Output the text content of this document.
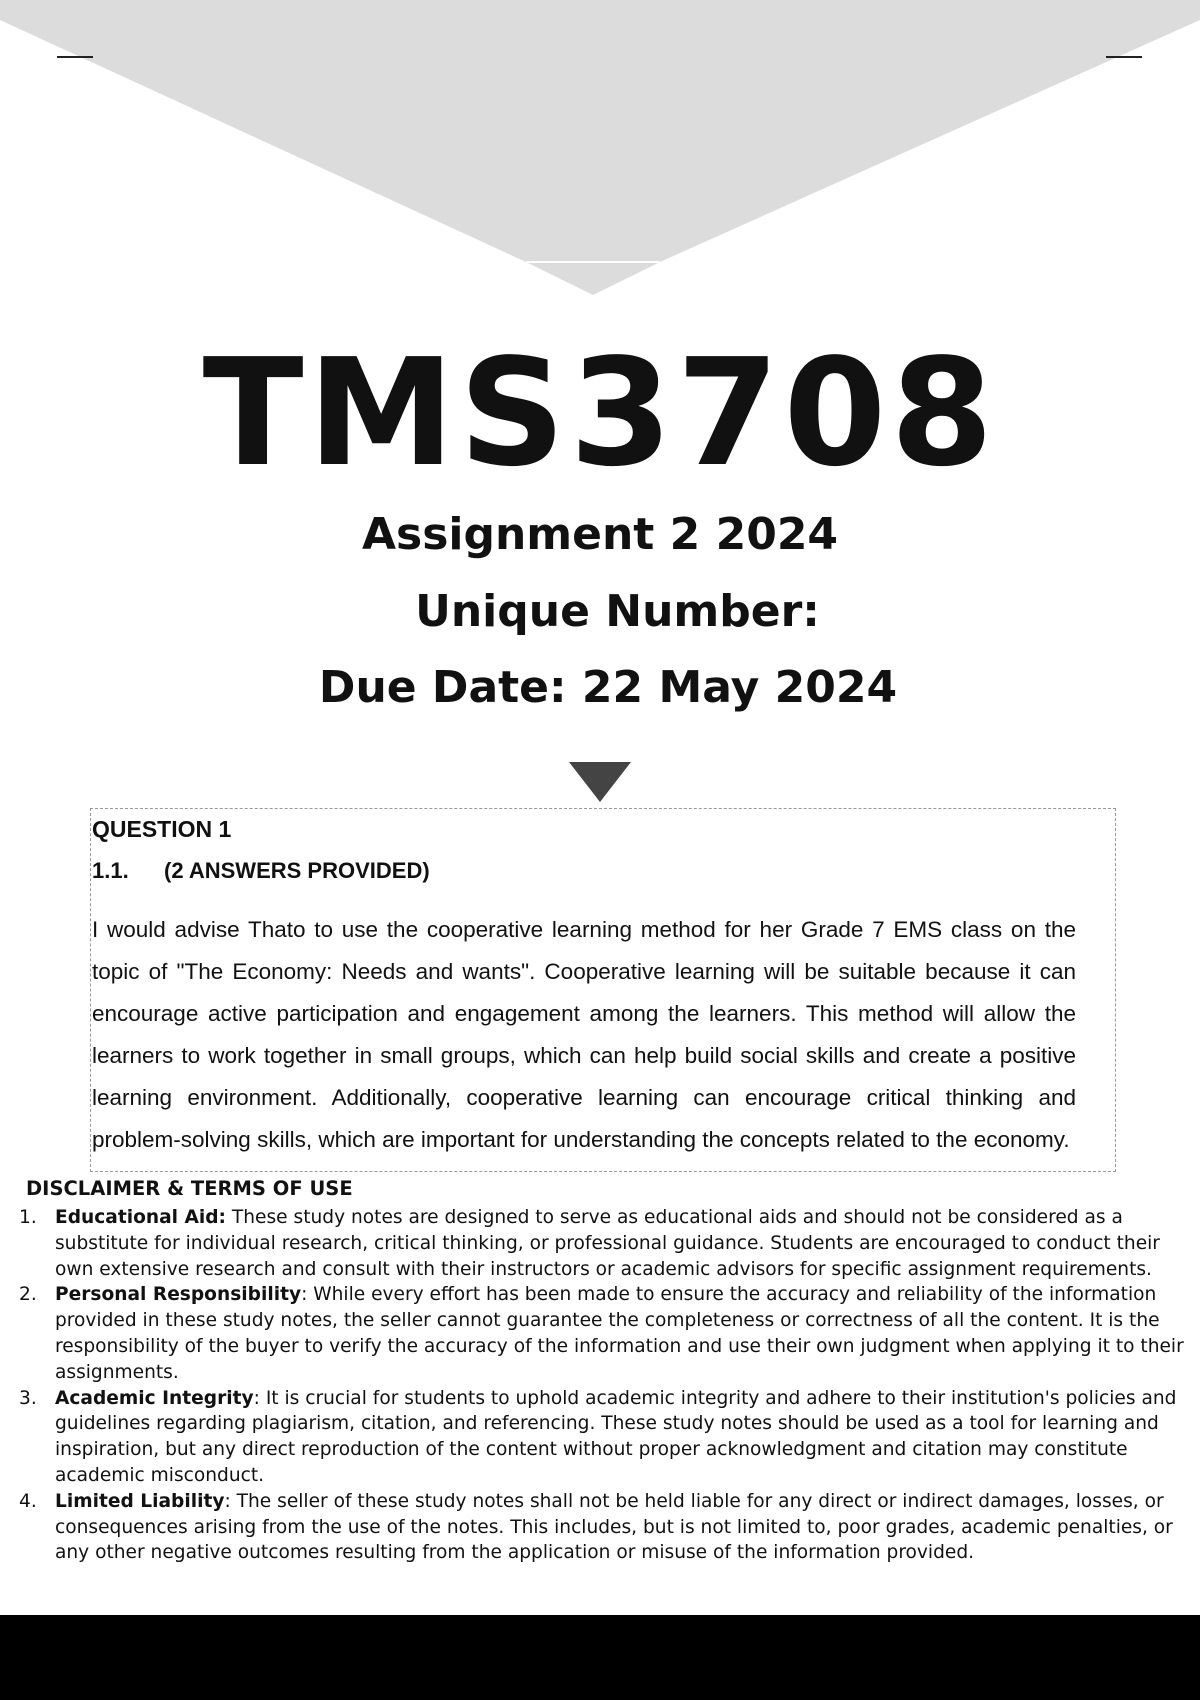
TMS3708
Assignment 2 2024
Unique Number:
Due Date: 22 May 2024
QUESTION 1
1.1. (2 ANSWERS PROVIDED)

I would advise Thato to use the cooperative learning method for her Grade 7 EMS class on the topic of "The Economy: Needs and wants". Cooperative learning will be suitable because it can encourage active participation and engagement among the learners. This method will allow the learners to work together in small groups, which can help build social skills and create a positive learning environment. Additionally, cooperative learning can encourage critical thinking and problem-solving skills, which are important for understanding the concepts related to the economy.

DISCLAIMER & TERMS OF USE
1. Educational Aid: These study notes are designed to serve as educational aids and should not be considered as a substitute for individual research, critical thinking, or professional guidance. Students are encouraged to conduct their own extensive research and consult with their instructors or academic advisors for specific assignment requirements.
2. Personal Responsibility: While every effort has been made to ensure the accuracy and reliability of the information provided in these study notes, the seller cannot guarantee the completeness or correctness of all the content. It is the responsibility of the buyer to verify the accuracy of the information and use their own judgment when applying it to their assignments.
3. Academic Integrity: It is crucial for students to uphold academic integrity and adhere to their institution's policies and guidelines regarding plagiarism, citation, and referencing. These study notes should be used as a tool for learning and inspiration, but any direct reproduction of the content without proper acknowledgment and citation may constitute academic misconduct.
4. Limited Liability: The seller of these study notes shall not be held liable for any direct or indirect damages, losses, or consequences arising from the use of the notes. This includes, but is not limited to, poor grades, academic penalties, or any other negative outcomes resulting from the application or misuse of the information provided.
